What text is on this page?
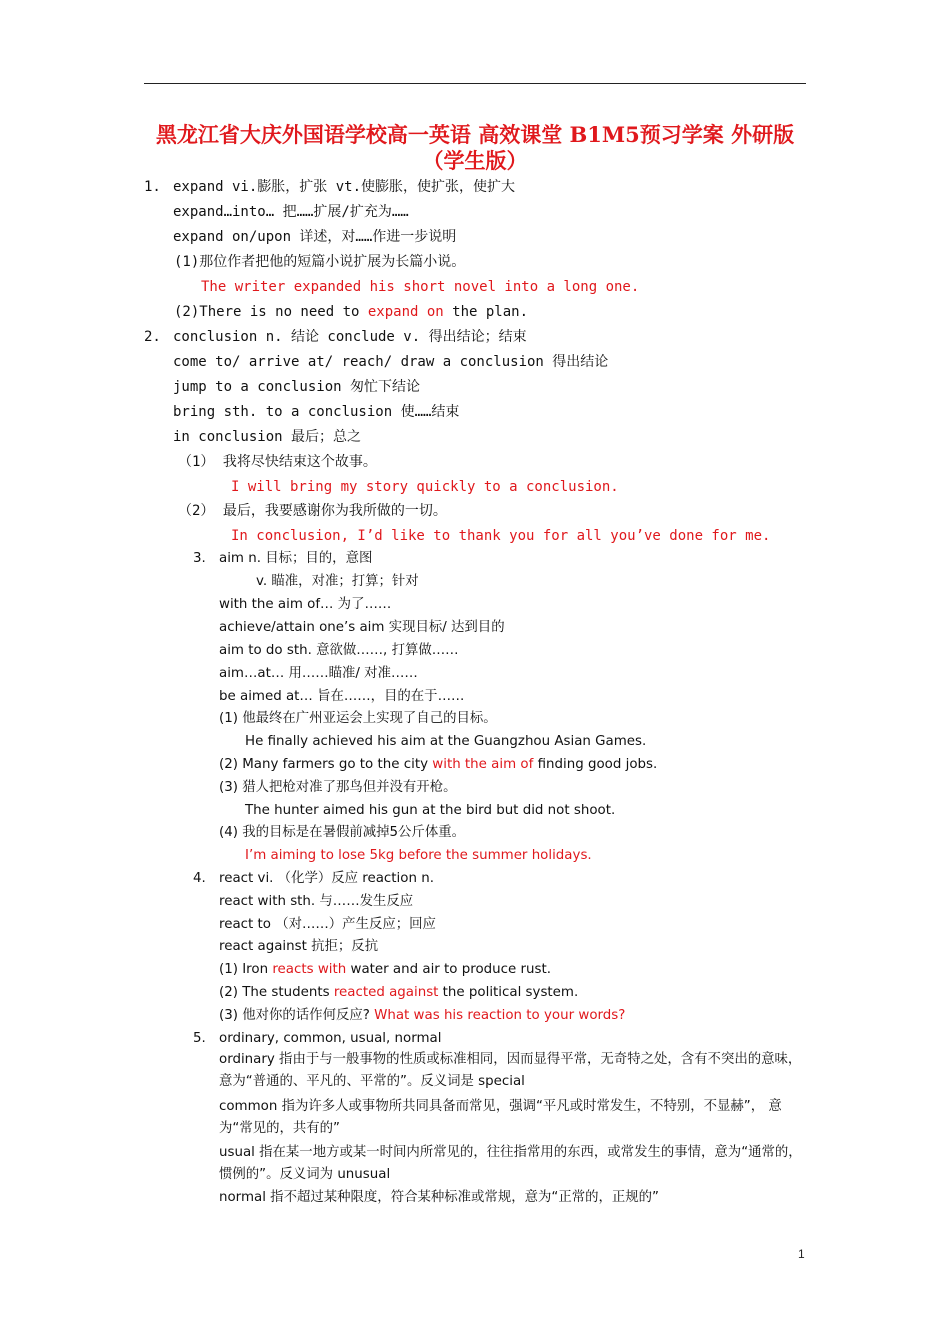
黑龙江省大庆外国语学校高一英语 高效课堂 B1M5预习学案 外研版（学生版）
1. expand vi.膨胀，扩张 vt.使膨胀，使扩张，使扩大
expand…into… 把……扩展/扩充为……
expand on/upon 详述，对……作进一步说明
(1)那位作者把他的短篇小说扩展为长篇小说。
The writer expanded his short novel into a long one.
(2)There is no need to expand on the plan.
2. conclusion n. 结论 conclude v. 得出结论；结束
come to/ arrive at/ reach/ draw a conclusion 得出结论
jump to a conclusion 匆忙下结论
bring sth. to a conclusion 使……结束
in conclusion 最后；总之
（1） 我将尽快结束这个故事。
I will bring my story quickly to a conclusion.
（2） 最后，我要感谢你为我所做的一切。
In conclusion, I’d like to thank you for all you’ve done for me.
3. aim n. 目标；目的，意图
v. 瞄准，对准；打算；针对
with the aim of… 为了……
achieve/attain one’s aim 实现目标/ 达到目的
aim to do sth. 意欲做……, 打算做……
aim…at… 用……瞄准/ 对准……
be aimed at… 旨在……，目的在于……
(1) 他最终在广州亚运会上实现了自己的目标。
He finally achieved his aim at the Guangzhou Asian Games.
(2) Many farmers go to the city with the aim of finding good jobs.
(3) 猎人把枪对准了那鸟但并没有开枪。
The hunter aimed his gun at the bird but did not shoot.
(4) 我的目标是在暑假前减掉5公斤体重。
I’m aiming to lose 5kg before the summer holidays.
4. react vi. （化学）反应 reaction n.
react with sth. 与……发生反应
react to （对……）产生反应；回应
react against 抗拒；反抗
(1) Iron reacts with water and air to produce rust.
(2) The students reacted against the political system.
(3) 他对你的话作何反应? What was his reaction to your words?
5. ordinary, common, usual, normal
ordinary 指由于与一般事物的性质或标准相同，因而显得平常，无奇特之处，含有不突出的意味，意为“普通的、平凡的、平常的”。反义词是 special
common 指为许多人或事物所共同具备而常见，强调“平凡或时常发生，不特别，不显赫”， 意为“常见的，共有的”
usual 指在某一地方或某一时间内所常见的，往往指常用的东西，或常发生的事情，意为“通常的，惯例的”。反义词为 unusual
normal 指不超过某种限度，符合某种标准或常规，意为“正常的，正规的”
1
